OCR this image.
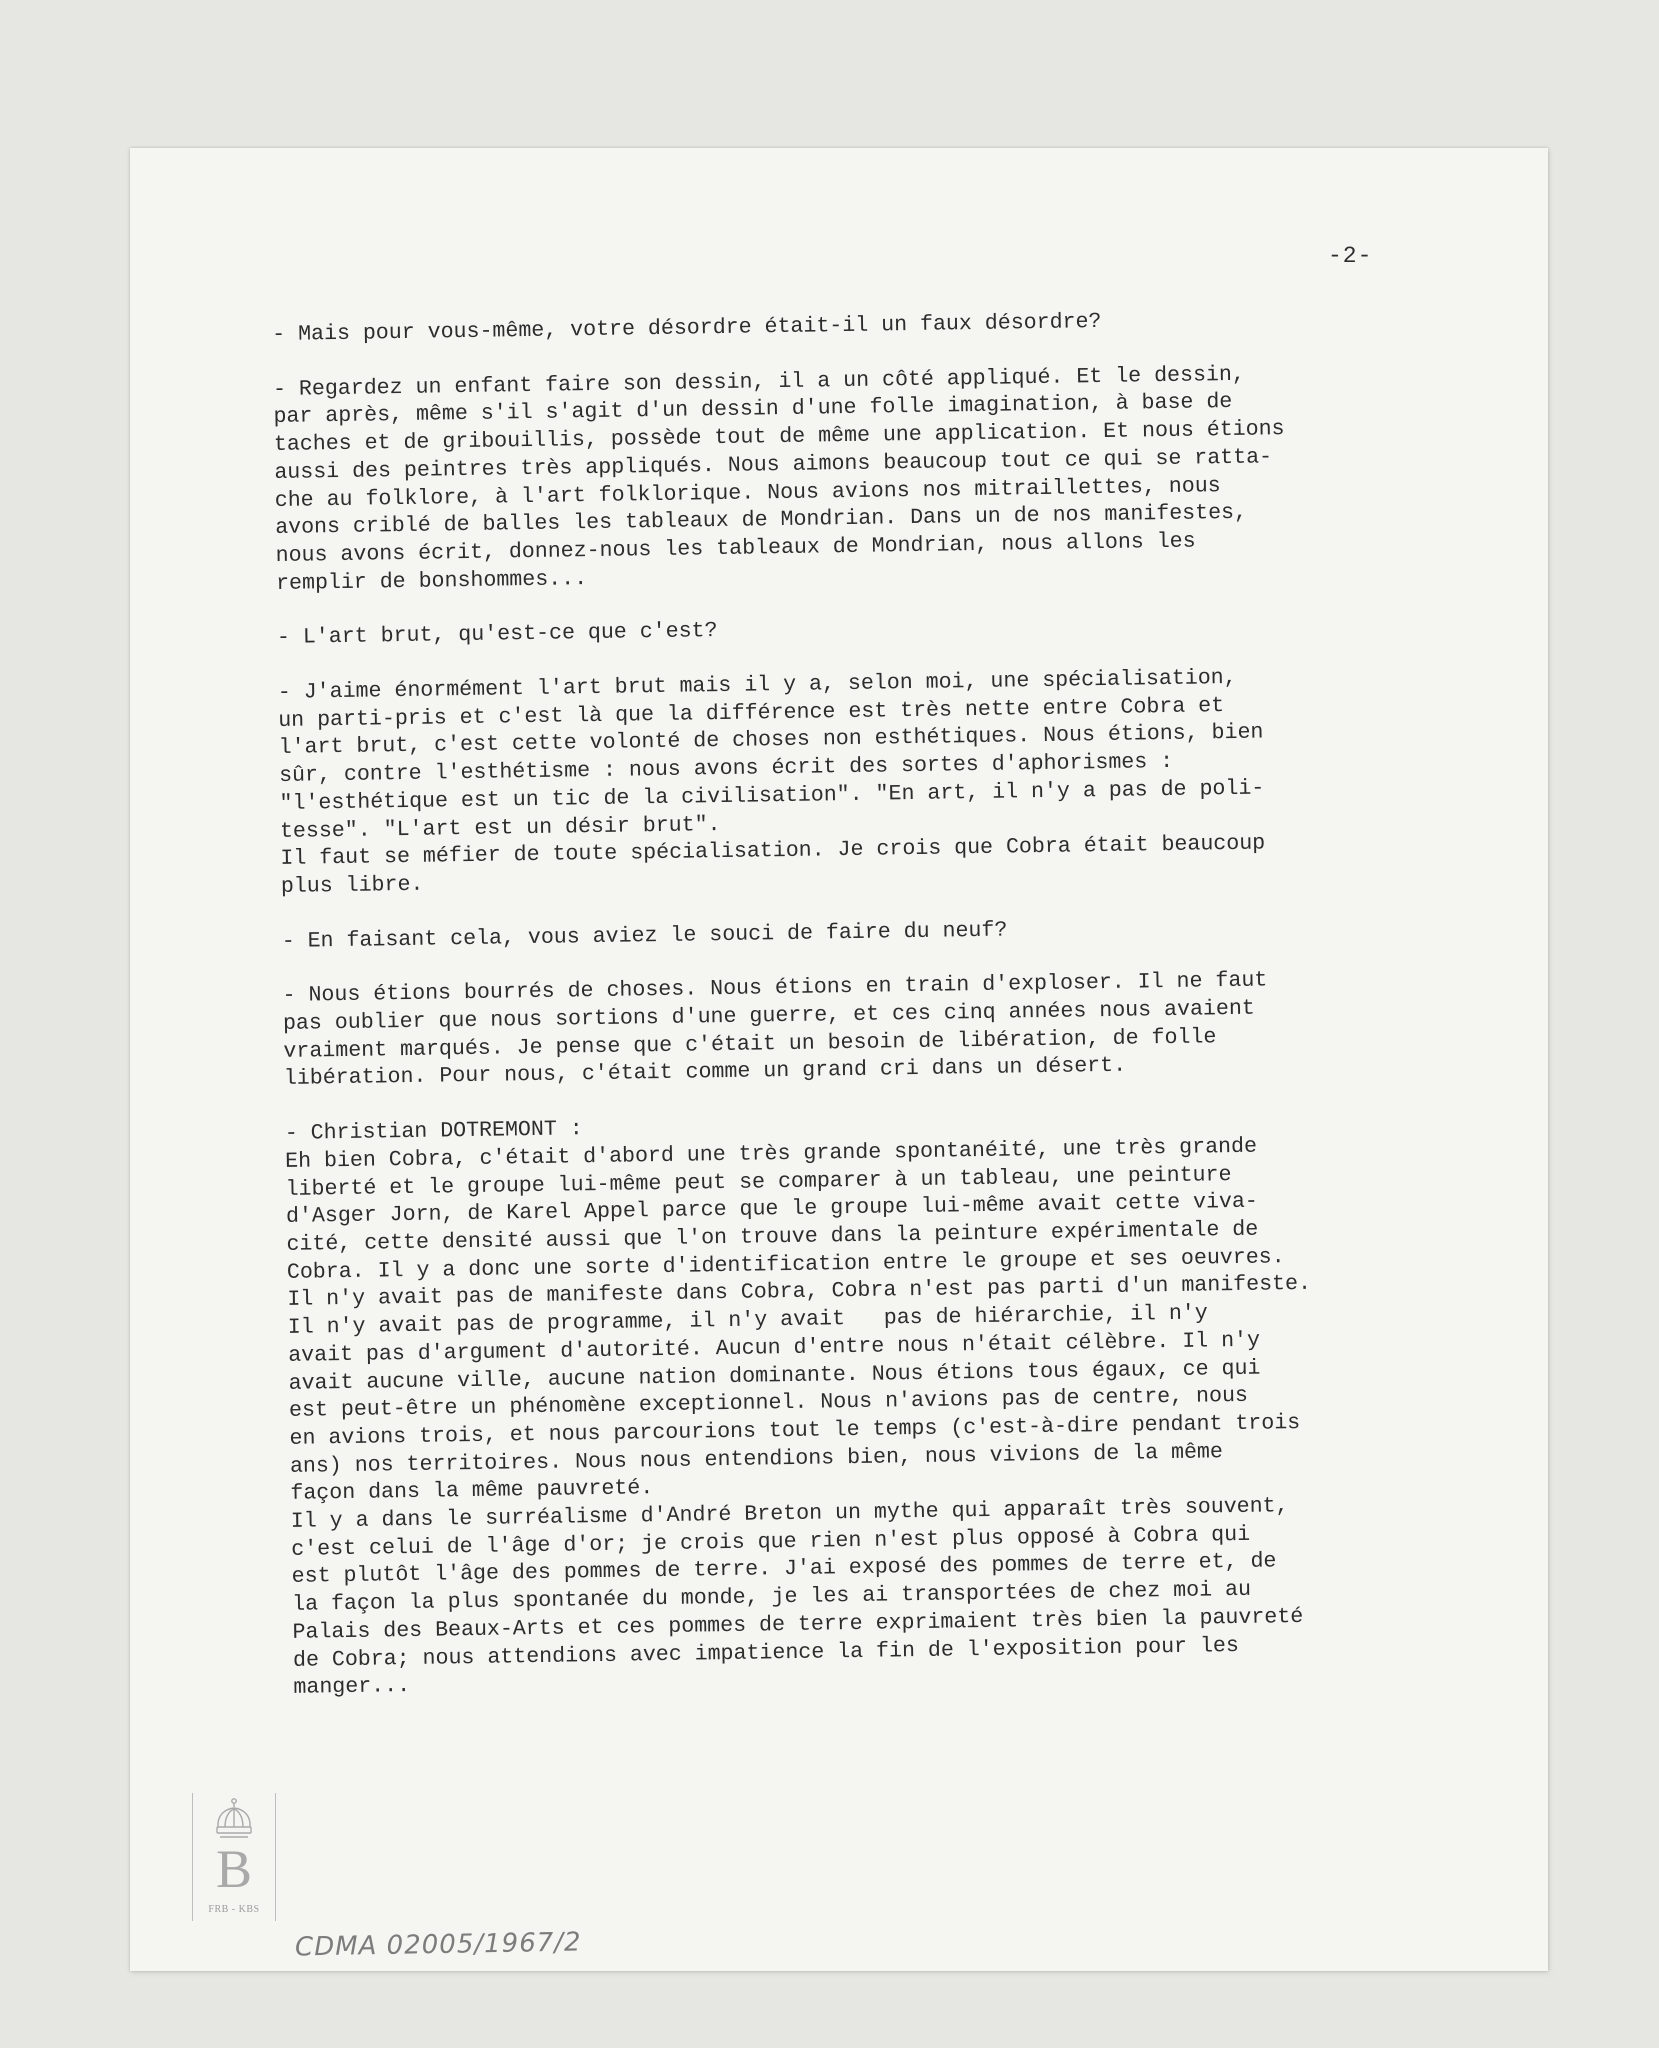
-2-

- Mais pour vous-même, votre désordre était-il un faux désordre?

- Regardez un enfant faire son dessin, il a un côté appliqué. Et le dessin,
par après, même s'il s'agit d'un dessin d'une folle imagination, à base de
taches et de gribouillis, possède tout de même une application. Et nous étions
aussi des peintres très appliqués. Nous aimons beaucoup tout ce qui se ratta-
che au folklore, à l'art folklorique. Nous avions nos mitraillettes, nous
avons criblé de balles les tableaux de Mondrian. Dans un de nos manifestes,
nous avons écrit, donnez-nous les tableaux de Mondrian, nous allons les
remplir de bonshommes...

- L'art brut, qu'est-ce que c'est?

- J'aime énormément l'art brut mais il y a, selon moi, une spécialisation,
un parti-pris et c'est là que la différence est très nette entre Cobra et
l'art brut, c'est cette volonté de choses non esthétiques. Nous étions, bien
sûr, contre l'esthétisme : nous avons écrit des sortes d'aphorismes :
"l'esthétique est un tic de la civilisation". "En art, il n'y a pas de poli-
tesse". "L'art est un désir brut".
Il faut se méfier de toute spécialisation. Je crois que Cobra était beaucoup
plus libre.

- En faisant cela, vous aviez le souci de faire du neuf?

- Nous étions bourrés de choses. Nous étions en train d'exploser. Il ne faut
pas oublier que nous sortions d'une guerre, et ces cinq années nous avaient
vraiment marqués. Je pense que c'était un besoin de libération, de folle
libération. Pour nous, c'était comme un grand cri dans un désert.

- Christian DOTREMONT :
Eh bien Cobra, c'était d'abord une très grande spontanéité, une très grande
liberté et le groupe lui-même peut se comparer à un tableau, une peinture
d'Asger Jorn, de Karel Appel parce que le groupe lui-même avait cette viva-
cité, cette densité aussi que l'on trouve dans la peinture expérimentale de
Cobra. Il y a donc une sorte d'identification entre le groupe et ses oeuvres.
Il n'y avait pas de manifeste dans Cobra, Cobra n'est pas parti d'un manifeste.
Il n'y avait pas de programme, il n'y avait   pas de hiérarchie, il n'y
avait pas d'argument d'autorité. Aucun d'entre nous n'était célèbre. Il n'y
avait aucune ville, aucune nation dominante. Nous étions tous égaux, ce qui
est peut-être un phénomène exceptionnel. Nous n'avions pas de centre, nous
en avions trois, et nous parcourions tout le temps (c'est-à-dire pendant trois
ans) nos territoires. Nous nous entendions bien, nous vivions de la même
façon dans la même pauvreté.
Il y a dans le surréalisme d'André Breton un mythe qui apparaît très souvent,
c'est celui de l'âge d'or; je crois que rien n'est plus opposé à Cobra qui
est plutôt l'âge des pommes de terre. J'ai exposé des pommes de terre et, de
la façon la plus spontanée du monde, je les ai transportées de chez moi au
Palais des Beaux-Arts et ces pommes de terre exprimaient très bien la pauvreté
de Cobra; nous attendions avec impatience la fin de l'exposition pour les
manger...

B
FRB - KBS
CDMA 02005/1967/2
